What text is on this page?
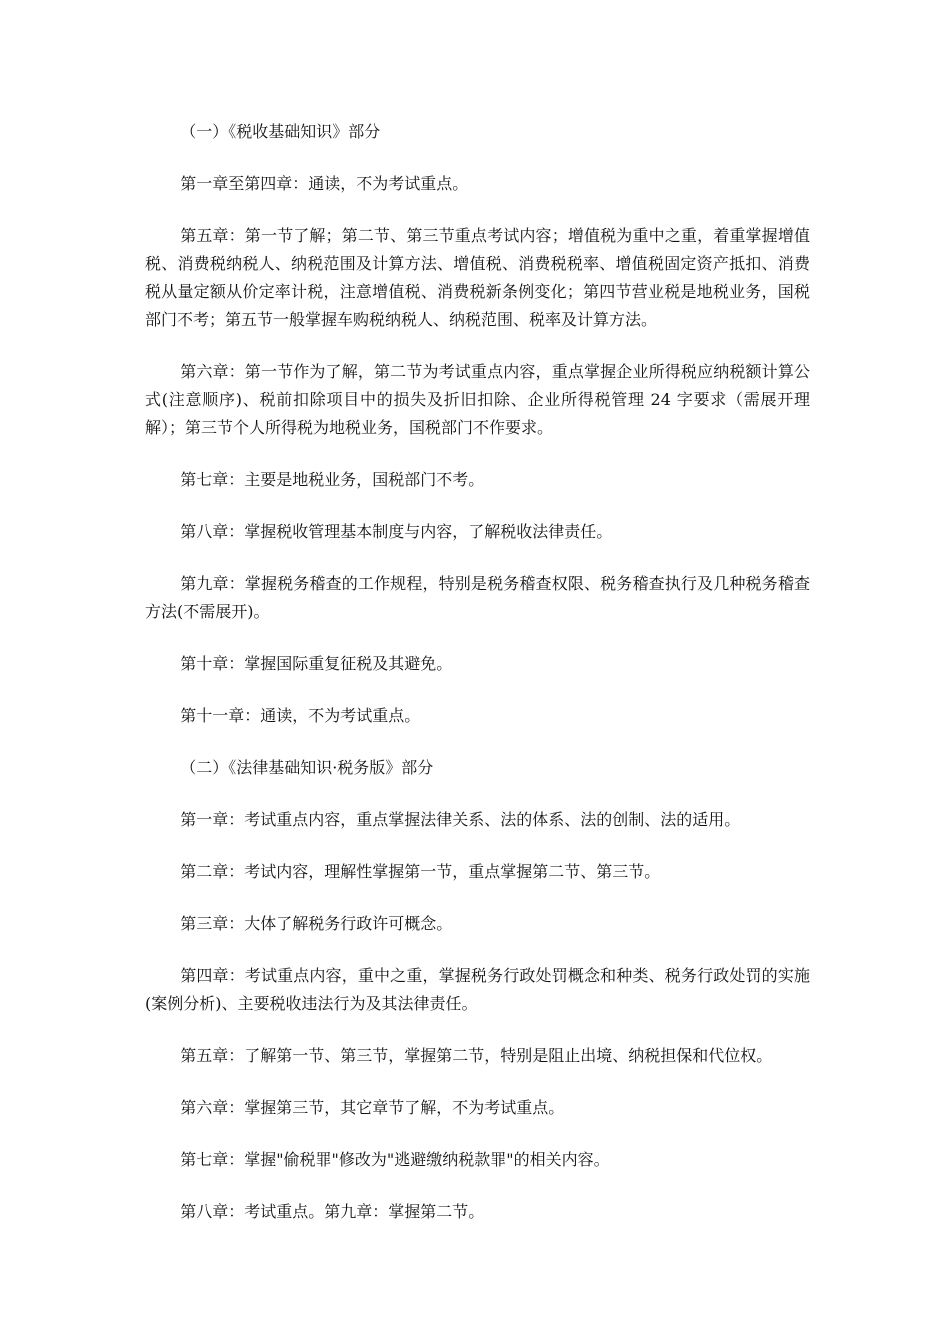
（一）《税收基础知识》部分

第一章至第四章：通读，不为考试重点。

第五章：第一节了解；第二节、第三节重点考试内容；增值税为重中之重，着重掌握增值税、消费税纳税人、纳税范围及计算方法、增值税、消费税税率、增值税固定资产抵扣、消费税从量定额从价定率计税，注意增值税、消费税新条例变化；第四节营业税是地税业务，国税部门不考；第五节一般掌握车购税纳税人、纳税范围、税率及计算方法。

第六章：第一节作为了解，第二节为考试重点内容，重点掌握企业所得税应纳税额计算公式(注意顺序)、税前扣除项目中的损失及折旧扣除、企业所得税管理 24 字要求（需展开理解）；第三节个人所得税为地税业务，国税部门不作要求。

第七章：主要是地税业务，国税部门不考。

第八章：掌握税收管理基本制度与内容，了解税收法律责任。

第九章：掌握税务稽查的工作规程，特别是税务稽查权限、税务稽查执行及几种税务稽查方法(不需展开)。

第十章：掌握国际重复征税及其避免。

第十一章：通读，不为考试重点。

（二）《法律基础知识·税务版》部分

第一章：考试重点内容，重点掌握法律关系、法的体系、法的创制、法的适用。

第二章：考试内容，理解性掌握第一节，重点掌握第二节、第三节。

第三章：大体了解税务行政许可概念。

第四章：考试重点内容，重中之重，掌握税务行政处罚概念和种类、税务行政处罚的实施(案例分析)、主要税收违法行为及其法律责任。

第五章：了解第一节、第三节，掌握第二节，特别是阻止出境、纳税担保和代位权。

第六章：掌握第三节，其它章节了解，不为考试重点。

第七章：掌握"偷税罪"修改为"逃避缴纳税款罪"的相关内容。

第八章：考试重点。第九章：掌握第二节。
